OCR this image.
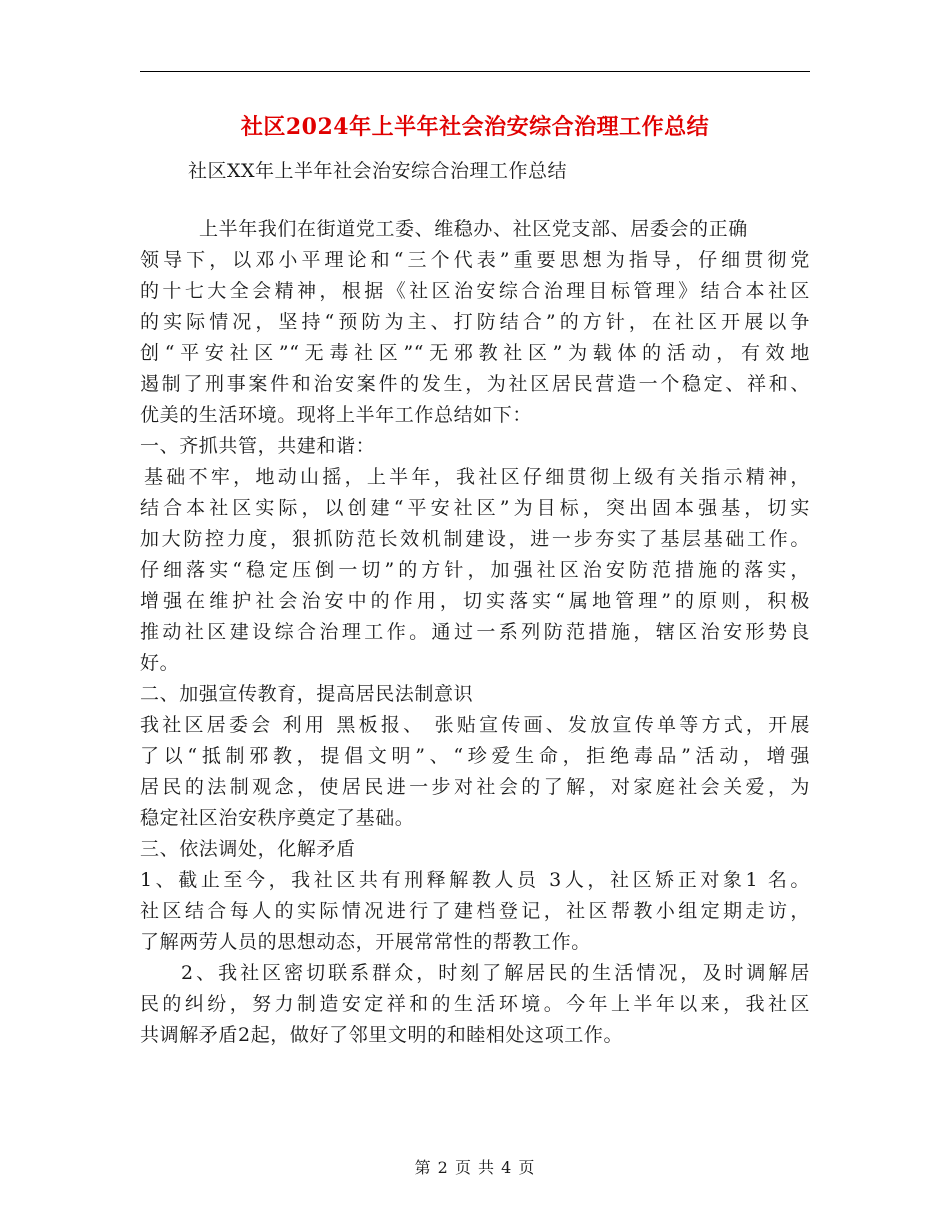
社区2024年上半年社会治安综合治理工作总结
社区XX年上半年社会治安综合治理工作总结
上半年我们在街道党工委、维稳办、社区党支部、居委会的正确
领导下，以邓小平理论和“三个代表”重要思想为指导，仔细贯彻党
的十七大全会精神，根据《社区治安综合治理目标管理》结合本社区
的实际情况，坚持“预防为主、打防结合”的方针，在社区开展以争
创“平安社区”“无毒社区”“无邪教社区”为载体的活动，有效地
遏制了刑事案件和治安案件的发生，为社区居民营造一个稳定、祥和、
优美的生活环境。现将上半年工作总结如下：
一、齐抓共管，共建和谐：
基础不牢，地动山摇，上半年，我社区仔细贯彻上级有关指示精神，
结合本社区实际，以创建“平安社区”为目标，突出固本强基，切实
加大防控力度，狠抓防范长效机制建设，进一步夯实了基层基础工作。
仔细落实“稳定压倒一切”的方针，加强社区治安防范措施的落实，
增强在维护社会治安中的作用，切实落实“属地管理”的原则，积极
推动社区建设综合治理工作。通过一系列防范措施，辖区治安形势良
好。
二、加强宣传教育，提高居民法制意识
我社区居委会 利用 黑板报、 张贴宣传画、发放宣传单等方式，开展
了以“抵制邪教，提倡文明”、“珍爱生命，拒绝毒品”活动，增强
居民的法制观念，使居民进一步对社会的了解，对家庭社会关爱，为
稳定社区治安秩序奠定了基础。
三、依法调处，化解矛盾
1、截止至今，我社区共有刑释解教人员 3人，社区矫正对象1 名。
社区结合每人的实际情况进行了建档登记，社区帮教小组定期走访，
了解两劳人员的思想动态，开展常常性的帮教工作。
2、我社区密切联系群众，时刻了解居民的生活情况，及时调解居
民的纠纷，努力制造安定祥和的生活环境。今年上半年以来，我社区
共调解矛盾2起，做好了邻里文明的和睦相处这项工作。
第 2 页 共 4 页
